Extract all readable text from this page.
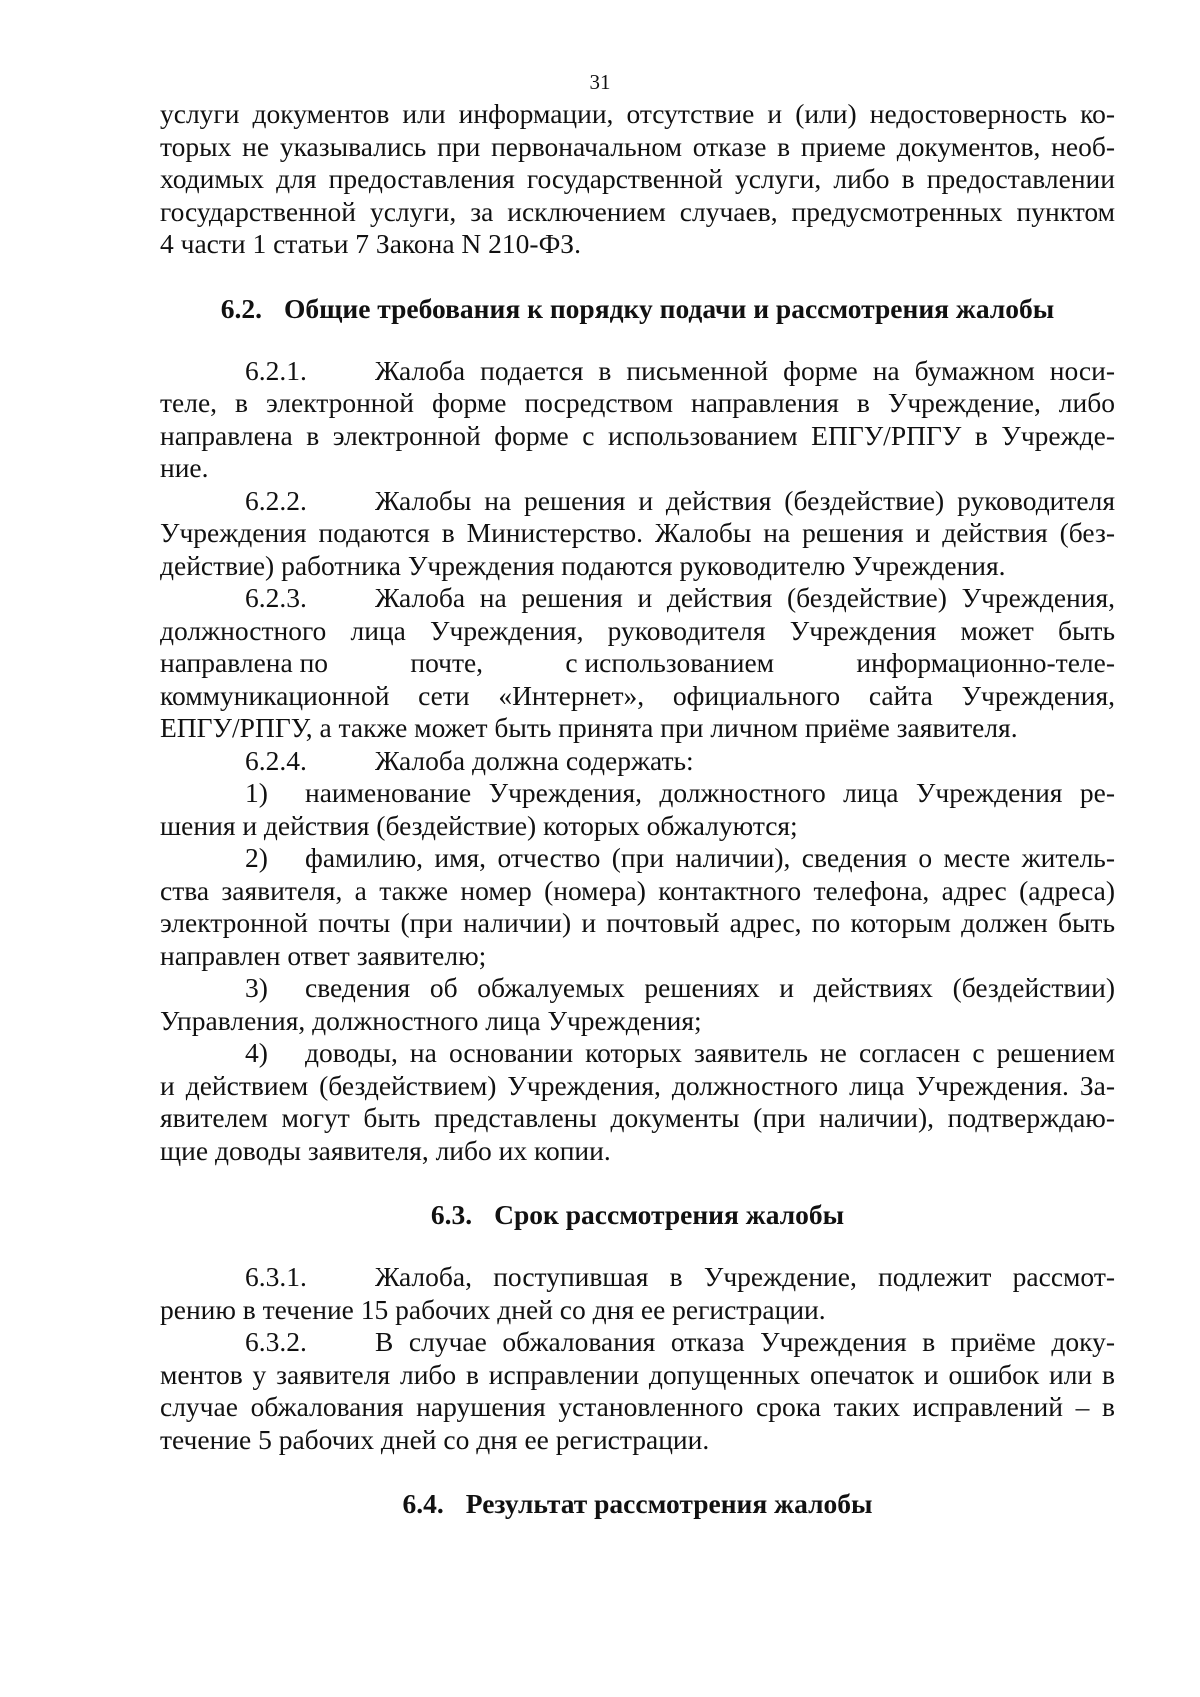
31
услуги документов или информации, отсутствие и (или) недостоверность ко-
торых не указывались при первоначальном отказе в приеме документов, необ-
ходимых для предоставления государственной услуги, либо в предоставлении
государственной услуги, за исключением случаев, предусмотренных пунктом
4 части 1 статьи 7 Закона N 210-ФЗ.
6.2. Общие требования к порядку подачи и рассмотрения жалобы
6.2.1. Жалоба подается в письменной форме на бумажном носи-
теле, в электронной форме посредством направления в Учреждение, либо
направлена в электронной форме с использованием ЕПГУ/РПГУ в Учрежде-
ние.
6.2.2. Жалобы на решения и действия (бездействие) руководителя
Учреждения подаются в Министерство. Жалобы на решения и действия (без-
действие) работника Учреждения подаются руководителю Учреждения.
6.2.3. Жалоба на решения и действия (бездействие) Учреждения,
должностного лица Учреждения, руководителя Учреждения может быть
направлена по	почте,	с использованием	информационно-теле-
коммуникационной сети «Интернет», официального сайта Учреждения,
ЕПГУ/РПГУ, а также может быть принята при личном приёме заявителя.
6.2.4. Жалоба должна содержать:
1) наименование Учреждения, должностного лица Учреждения ре-
шения и действия (бездействие) которых обжалуются;
2) фамилию, имя, отчество (при наличии), сведения о месте житель-
ства заявителя, а также номер (номера) контактного телефона, адрес (адреса)
электронной почты (при наличии) и почтовый адрес, по которым должен быть
направлен ответ заявителю;
3) сведения об обжалуемых решениях и действиях (бездействии)
Управления, должностного лица Учреждения;
4) доводы, на основании которых заявитель не согласен с решением
и действием (бездействием) Учреждения, должностного лица Учреждения. За-
явителем могут быть представлены документы (при наличии), подтверждаю-
щие доводы заявителя, либо их копии.
6.3. Срок рассмотрения жалобы
6.3.1. Жалоба, поступившая в Учреждение, подлежит рассмот-
рению в течение 15 рабочих дней со дня ее регистрации.
6.3.2. В случае обжалования отказа Учреждения в приёме доку-
ментов у заявителя либо в исправлении допущенных опечаток и ошибок или в
случае обжалования нарушения установленного срока таких исправлений – в
течение 5 рабочих дней со дня ее регистрации.
6.4. Результат рассмотрения жалобы
